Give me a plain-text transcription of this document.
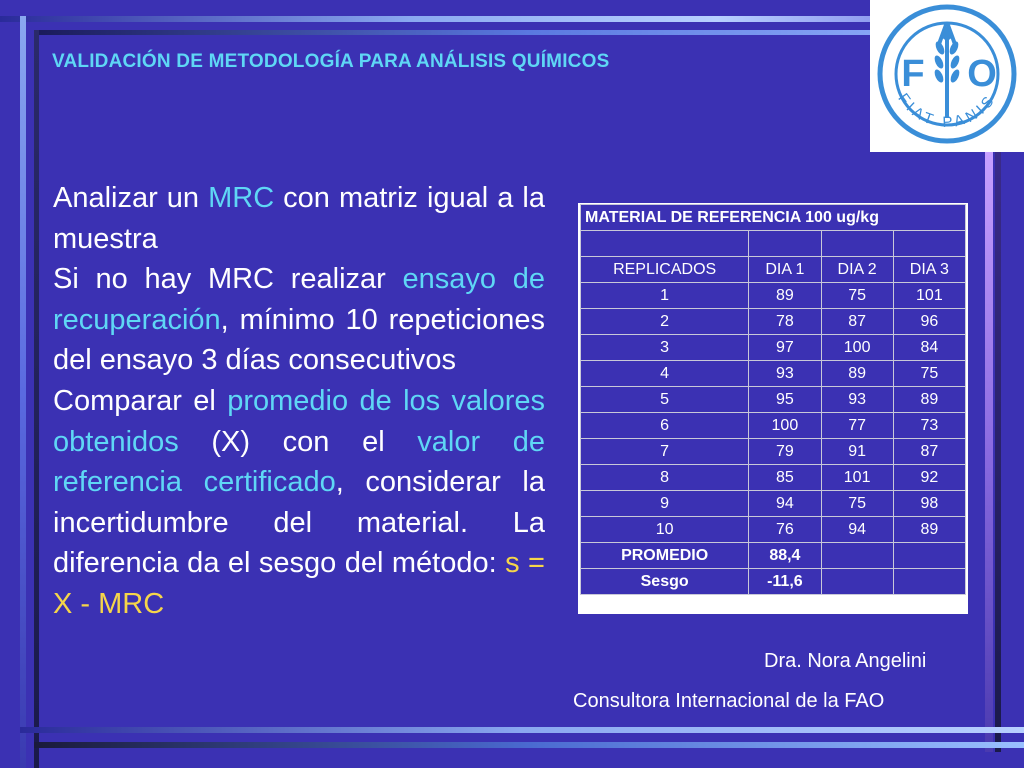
VALIDACIÓN DE METODOLOGÍA PARA ANÁLISIS QUÍMICOS	F
A
O
FIAT PANIS

Analizar un MRC con matriz igual a la muestra

Si no hay MRC realizar ensayo de recuperación, mínimo 10 repeticiones del ensayo 3 días consecutivos

Comparar el promedio de los valores obtenidos (X) con el valor de referencia certificado, considerar la incertidumbre del material. La diferencia da el sesgo del método: s = X - MRC

MATERIAL DE REFERENCIA 100 ug/kg			

REPLICADOS	DIA 1	DIA 2	DIA 3
1	89	75	101
2	78	87	96
3	97	100	84
4	93	89	75
5	95	93	89
6	100	77	73
7	79	91	87
8	85	101	92
9	94	75	98
10	76	94	89
PROMEDIO	88,4		
Sesgo	-11,6		
Dra. Nora Angelini
Consultora Internacional de la FAO
